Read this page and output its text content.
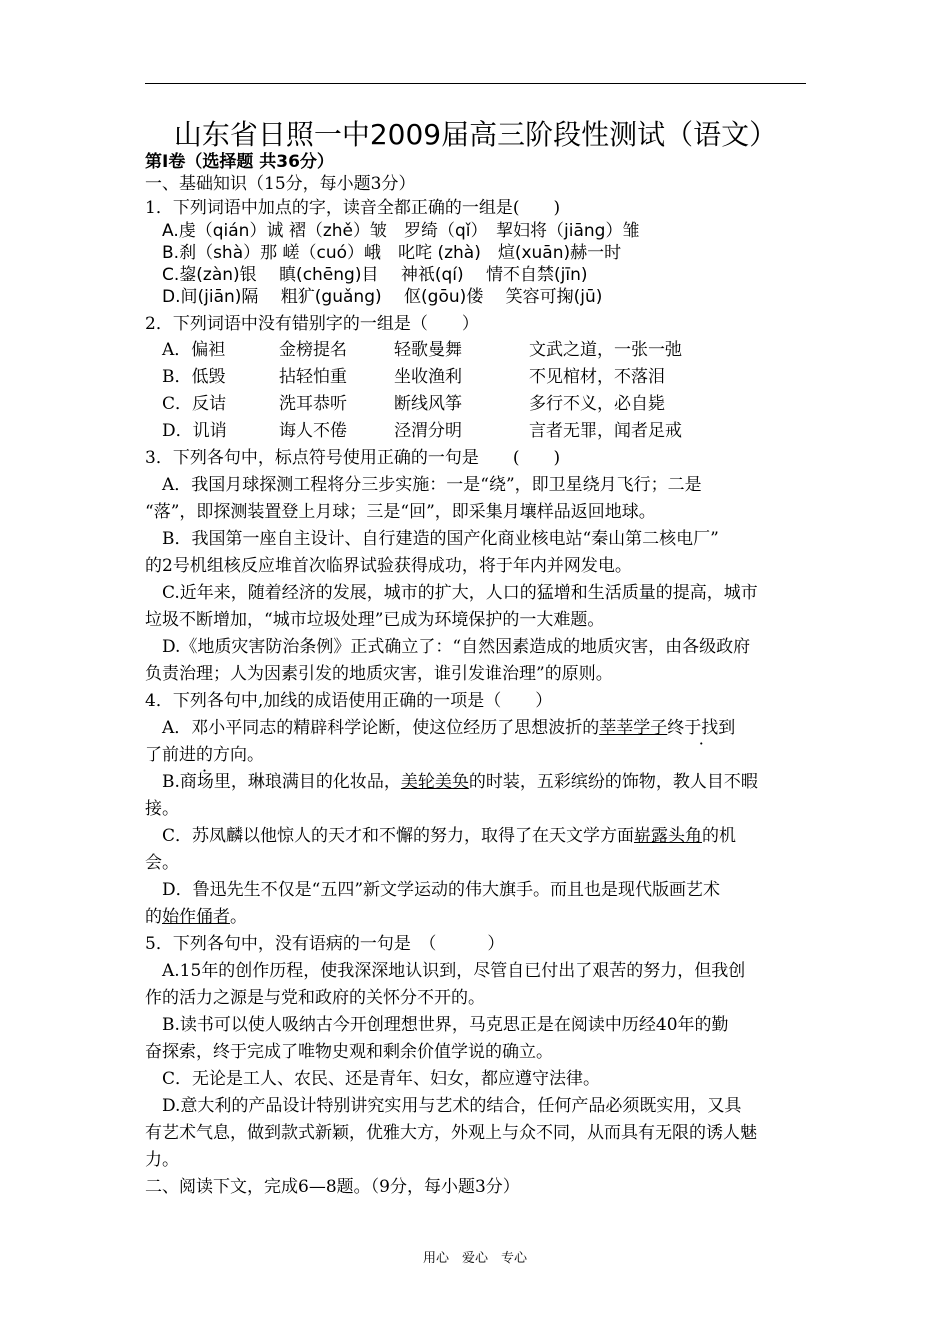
山东省日照一中2009届高三阶段性测试（语文）
第Ⅰ卷（选择题 共36分）
一、基础知识（15分，每小题3分）
1．下列词语中加点的字，读音全都正确的一组是(　　)
A.虔（qián）诚 褶（zhě）皱　罗绮（qǐ）　挈妇将（jiāng）雏
B.刹（shà）那 嵯（cuó）峨　叱咤 (zhà)　煊(xuān)赫一时
C.鋆(zàn)银　 瞋(chēng)目　 神祇(qí)　 情不自禁(jīn)
D.间(jiān)隔　 粗犷(guǎng)　 伛(gōu)偻　 笑容可掬(jū)
2．下列词语中没有错别字的一组是（　　）
A．偏袒	金榜提名	轻歌曼舞	文武之道，一张一弛
B．低毁	拈轻怕重	坐收渔利	不见棺材，不落泪
C．反诘	洗耳恭听	断线风筝	多行不义，必自毙
D．讥诮	诲人不倦	泾渭分明	言者无罪，闻者足戒
3．下列各句中，标点符号使用正确的一句是　　(　　)
A．我国月球探测工程将分三步实施：一是“绕”，即卫星绕月飞行；二是
“落”，即探测装置登上月球；三是“回”，即采集月壤样品返回地球。
B．我国第一座自主设计、自行建造的国产化商业核电站“秦山第二核电厂”
的2号机组核反应堆首次临界试验获得成功，将于年内并网发电。
C.近年来，随着经济的发展，城市的扩大，人口的猛增和生活质量的提高，城市
垃圾不断增加，“城市垃圾处理”已成为环境保护的一大难题。
D.《地质灾害防治条例》正式确立了：“自然因素造成的地质灾害，由各级政府
负责治理；人为因素引发的地质灾害，谁引发谁治理”的原则。
4．下列各句中,加线的成语使用正确的一项是（　　）
A．邓小平同志的精辟科学论断，使这位经历了思想波折的莘莘学子终于找到
了前进的方向。 ·
B.商场里，琳琅满目的化妆品，美轮美奂的时装，五彩缤纷的饰物，教人目不暇
接。
C．苏凤麟以他惊人的天才和不懈的努力，取得了在天文学方面崭露头角的机
会。
D．鲁迅先生不仅是“五四”新文学运动的伟大旗手。而且也是现代版画艺术
的始作俑者。
5．下列各句中，没有语病的一句是　（　　　）
A.15年的创作历程，使我深深地认识到，尽管自已付出了艰苦的努力，但我创
作的活力之源是与党和政府的关怀分不开的。
B.读书可以使人吸纳古今开创理想世界，马克思正是在阅读中历经40年的勤
奋探索，终于完成了唯物史观和剩余价值学说的确立。
C．无论是工人、农民、还是青年、妇女，都应遵守法律。
D.意大利的产品设计特别讲究实用与艺术的结合，任何产品必须既实用，又具
有艺术气息，做到款式新颖，优雅大方，外观上与众不同，从而具有无限的诱人魅
力。
二、阅读下文，完成6—8题。（9分，每小题3分）
用心　爱心　专心
